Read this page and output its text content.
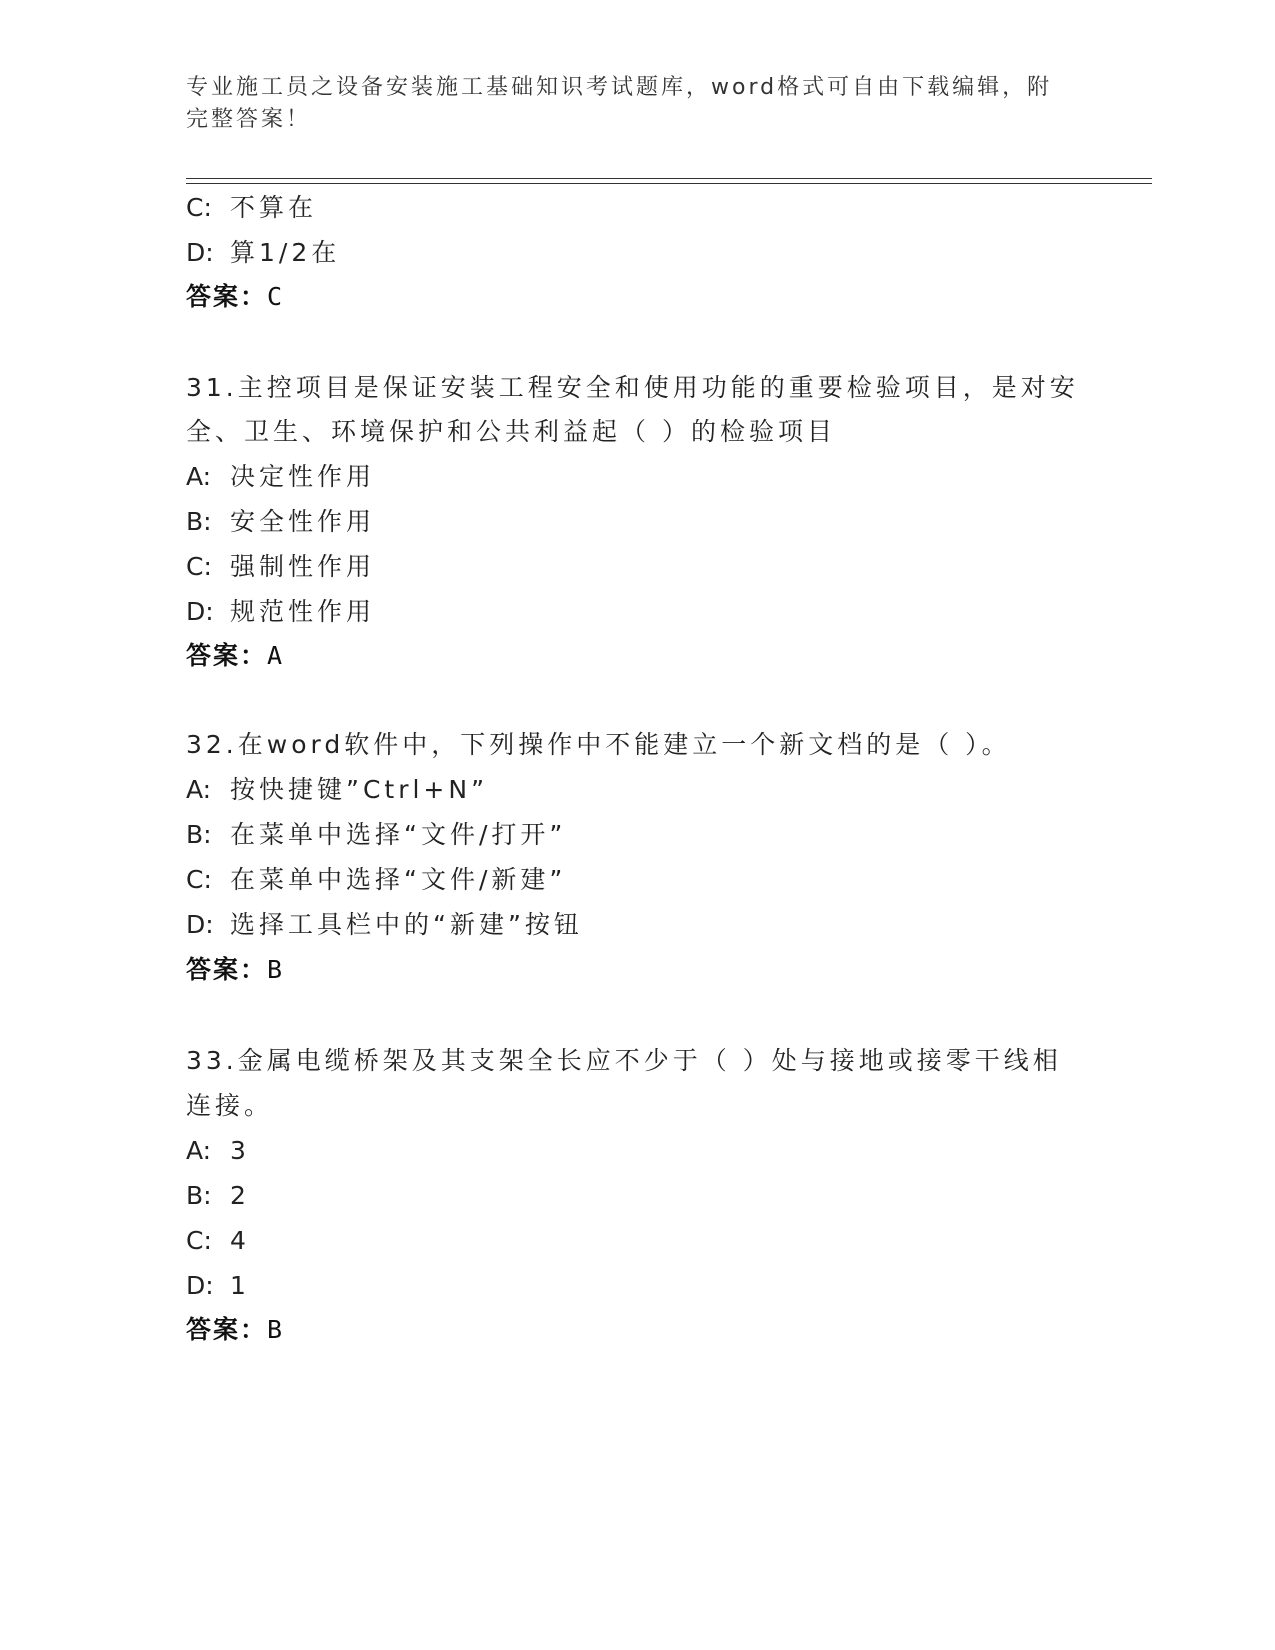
专业施工员之设备安装施工基础知识考试题库，word格式可自由下载编辑，附完整答案！
C: 不算在
D: 算1/2在
答案：C
31.主控项目是保证安装工程安全和使用功能的重要检验项目，是对安
全、卫生、环境保护和公共利益起（ ）的检验项目
A: 决定性作用
B: 安全性作用
C: 强制性作用
D: 规范性作用
答案：A
32.在word软件中，下列操作中不能建立一个新文档的是（ ）。
A: 按快捷键”Ctrl+N”
B: 在菜单中选择“文件/打开”
C: 在菜单中选择“文件/新建”
D: 选择工具栏中的“新建”按钮
答案：B
33.金属电缆桥架及其支架全长应不少于（ ）处与接地或接零干线相
连接。
A: 3
B: 2
C: 4
D: 1
答案：B
